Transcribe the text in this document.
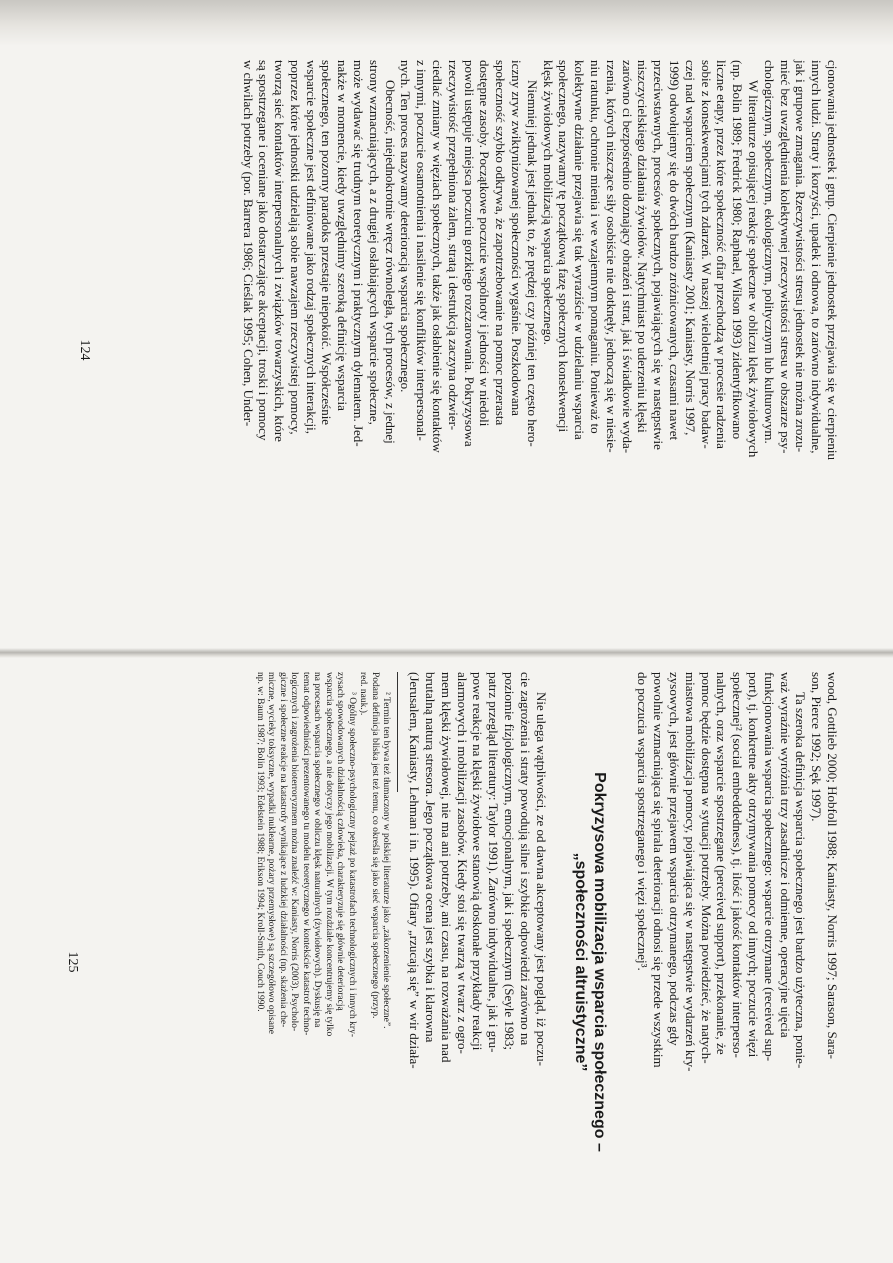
cjonowania jednostek i grup. Cierpienie jednostek przejawia się w cierpieniu

innych ludzi. Straty i korzyści, upadek i odnowa, to zarówno indywidualne,

jak i grupowe zmagania. Rzeczywistości stresu jednostek nie można zrozu-

mieć bez uwzględnienia kolektywnej rzeczywistości stresu w obszarze psy-

chologicznym, społecznym, ekologicznym, politycznym lub kulturowym.

W literaturze opisującej reakcje społeczne w obliczu klęsk żywiołowych

(np. Bolin 1989; Fredrick 1980; Raphael, Wilson 1993) zidentyfikowano

liczne etapy, przez które społeczność ofiar przechodzą w procesie radzenia

sobie z konsekwencjami tych zdarzeń. W naszej wieloletniej pracy badaw-

czej nad wsparciem społecznym (Kaniasty 2001; Kaniasty, Norris 1997,

1999) odwołujemy się do dwóch bardzo zróżnicowanych, czasami nawet

przeciwstawnych, procesów społecznych, pojawiających się w następstwie

niszczycielskiego działania żywiołów. Natychmiast po uderzeniu klęski

zarówno ci bezpośrednio doznający obrażeń i strat, jak i świadkowie wyda-

rzenia, których niszczące siły osobiście nie dotknęły, jednoczą się w niesie-

niu ratunku, ochronie mienia i we wzajemnym pomaganiu. Ponieważ to

kolektywne działanie przejawia się tak wyraziście w udzielaniu wsparcia

społecznego, nazywamy tę początkową fazę społecznych konsekwencji

klęsk żywiołowych mobilizacją wsparcia społecznego.

Niemniej jednak jest jednak to, że prędzej czy później ten często hero-

iczny zryw zwiktynizowanej społeczności wygaśnie. Poszkodowana

społeczność szybko odkrywa, że zapotrzebowanie na pomoc przerasta

dostępne zasoby. Początkowe poczucie wspólnoty i jedności w niedoli

powoli ustępuje miejsca poczuciu gorzkiego rozczarowania. Pokryzysowa

rzeczywistość przepełniona żalem, stratą i destrukcją zaczyna odzwier-

ciedlać zmiany w więziach społecznych, także jak osłabienie się kontaktów

z innymi, poczucie osamotnienia i nasilenie się konfliktów interpersonal-

nych. Ten proces nazywamy deterioracją wsparcia społecznego.

Obecność, niejednokrotnie wręcz równoległa, tych procesów, z jednej

strony wzmacniających, a z drugiej osłabiających wsparcie społeczne,

może wydawać się trudnym teoretycznym i praktycznym dylematem. Jed-

nakże w momencie, kiedy uwzględnimy szeroką definicję wsparcia

społecznego, ten pozorny paradoks przestaje niepokoić. Współcześnie

wsparcie społeczne jest definiowane jako rodzaj społecznych interakcji,

poprzez które jednostki udzielają sobie nawzajem rzeczywistej pomocy,

tworzą sieć kontaktów interpersonalnych i związków towarzyskich, które

są spostrzegane i oceniane jako dostarczające akceptacji, troski i pomocy

w chwilach potrzeby (por. Barrera 1986; Cieślak 1995; Cohen, Under-

124

wood, Gottlieb 2000; Hobfoll 1988; Kaniasty, Norris 1997; Sarason, Sara-

son, Pierce 1992; Sęk 1997).

Ta szeroka definicja wsparcia społecznego jest bardzo użyteczna, ponie-

waż wyraźnie wyróżnia trzy zasadnicze i odmienne, operacyjne ujęcia

funkcjonowania wsparcia społecznego: wsparcie otrzymane (received sup-

port), tj. konkretne akty otrzymywania pomocy od innych; poczucie więzi

społecznej² (social embeddedness), tj. ilość i jakość kontaktów interperso-

nalnych, oraz wsparcie spostrzegane (perceived support), przekonanie, że

pomoc będzie dostępna w sytuacji potrzeby. Można powiedzieć, że natych-

miastowa mobilizacja pomocy, pojawiająca się w następstwie wydarzeń kry-

zysowych, jest głównie przejawem wsparcia otrzymanego, podczas gdy

powolnie wzmacniająca się spirala deterioracji odnosi się przede wszystkim

do poczucia wsparcia spostrzeganego i więzi społecznej³.

Pokryzysowa mobilizacja wsparcia społecznego –
„społeczności altruistyczne”

Nie ulega wątpliwości, ze od dawna akceptowany jest pogląd, iż poczu-

cie zagrożenia i straty powodują silne i szybkie odpowiedzi zarówno na

poziomie fizjologicznym, emocjonalnym, jak i społecznym (Seyle 1983;

patrz przegląd literatury: Taylor 1991). Zarówno indywidualne, jak i gru-

powe reakcje na klęski żywiołowe stanowią doskonałe przykłady reakcji

alarmowych i mobilizacji zasobów. Kiedy stoi się twarzą w twarz z ogro-

mem klęski żywiołowej, nie ma ani potrzeby, ani czasu, na rozważania nad

brutalną naturą stresora. Jego początkowa ocena jest szybka i klarowna

(Jerusalem, Kaniasty, Lehman i in. 1995). Ofiary „rzucają się” w wir działa-

² Termin ten bywa też tłumaczony w polskiej literaturze jako „zakorzenienie społeczne”.

Podana definicja bliska jest też temu, co określa się jako sieć wsparcia społecznego (przyp.

red. nauk.).

³ Ogólny społeczno-psychologiczny pejzaż po katastrofach technologicznych i innych kry-

zysach spowodowanych działalnością człowieka, charakteryzuje się głównie deterioracją

wsparcia społecznego, a nie dotyczy jego mobilizacji. W tym rozdziale koncentrujemy się tylko

na procesach wsparcia społecznego w obliczu klęsk naturalnych (żywiołowych). Dyskusję na

temat odpowiedniości prezentowanego tu modelu teoretycznego w kontekście katastrof techno-

logicznych i zagrożenia bioterroryzmem można znaleźć w: Kaniasty, Norris (2003). Psycholo-

giczne i społeczne reakcje na katastrofy wynikające z ludzkiej działalności (np. skażenia che-

miczne, wycieky toksyczne, wypadki nuklearne, pożary przemysłowe) są szczegółowo opisane

np. w: Baum 1987; Bolin 1993; Edelstein 1988; Erikson 1994; Kroll-Smith, Couch 1990.

125
